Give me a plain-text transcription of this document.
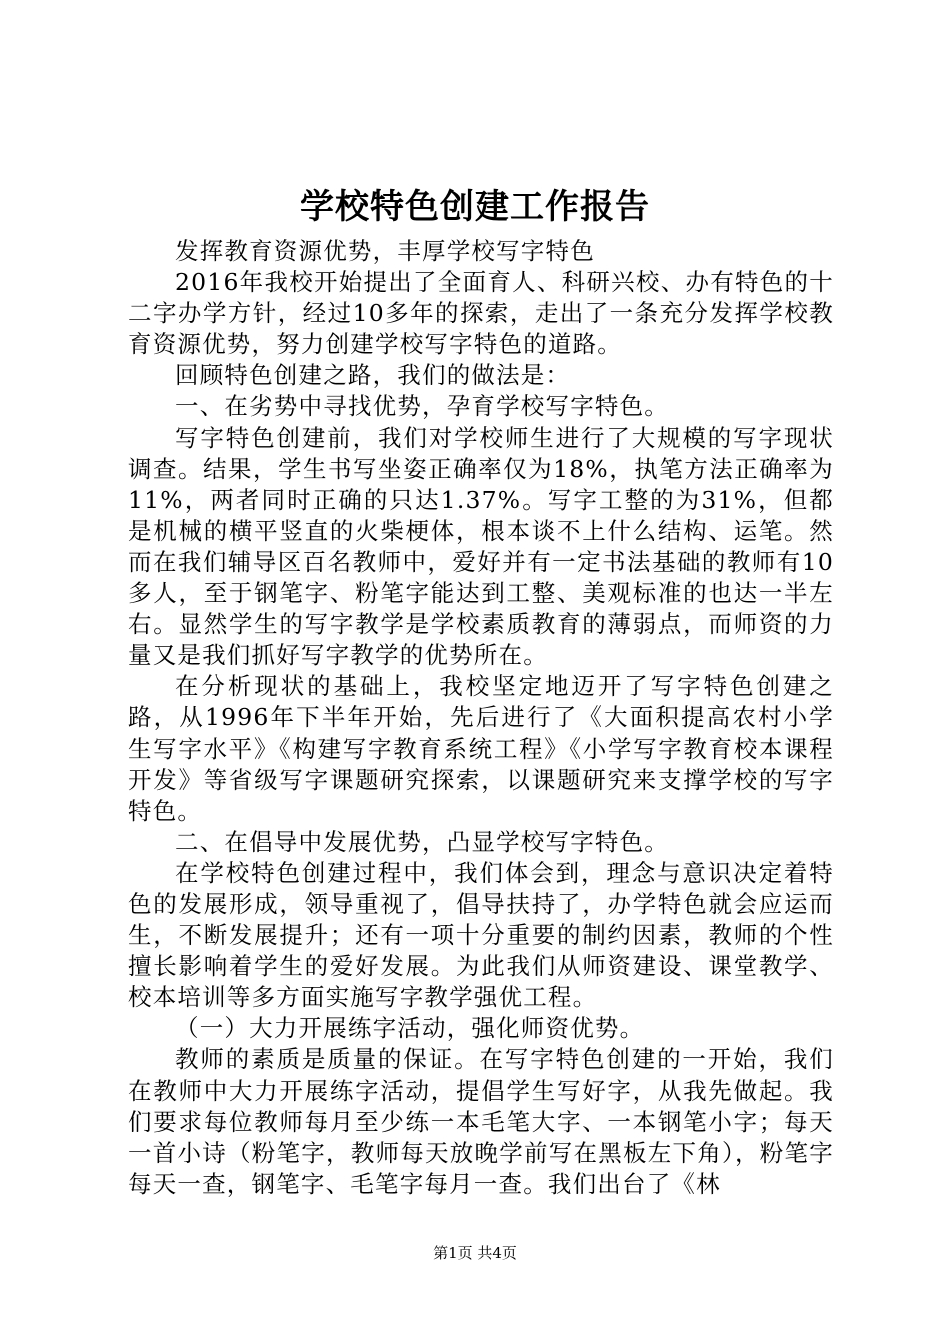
学校特色创建工作报告

发挥教育资源优势，丰厚学校写字特色

2016年我校开始提出了全面育人、科研兴校、办有特色的十二字办学方针，经过10多年的探索，走出了一条充分发挥学校教育资源优势，努力创建学校写字特色的道路。

回顾特色创建之路，我们的做法是：

一、在劣势中寻找优势，孕育学校写字特色。

写字特色创建前，我们对学校师生进行了大规模的写字现状调查。结果，学生书写坐姿正确率仅为18%，执笔方法正确率为11%，两者同时正确的只达1.37%。写字工整的为31%，但都是机械的横平竖直的火柴梗体，根本谈不上什么结构、运笔。然而在我们辅导区百名教师中，爱好并有一定书法基础的教师有10多人，至于钢笔字、粉笔字能达到工整、美观标准的也达一半左右。显然学生的写字教学是学校素质教育的薄弱点，而师资的力量又是我们抓好写字教学的优势所在。

在分析现状的基础上，我校坚定地迈开了写字特色创建之路，从1996年下半年开始，先后进行了《大面积提高农村小学生写字水平》《构建写字教育系统工程》《小学写字教育校本课程开发》等省级写字课题研究探索，以课题研究来支撑学校的写字特色。

二、在倡导中发展优势，凸显学校写字特色。

在学校特色创建过程中，我们体会到，理念与意识决定着特色的发展形成，领导重视了，倡导扶持了，办学特色就会应运而生，不断发展提升；还有一项十分重要的制约因素，教师的个性擅长影响着学生的爱好发展。为此我们从师资建设、课堂教学、校本培训等多方面实施写字教学强优工程。

（一）大力开展练字活动，强化师资优势。

教师的素质是质量的保证。在写字特色创建的一开始，我们在教师中大力开展练字活动，提倡学生写好字，从我先做起。我们要求每位教师每月至少练一本毛笔大字、一本钢笔小字；每天一首小诗（粉笔字，教师每天放晚学前写在黑板左下角），粉笔字每天一查，钢笔字、毛笔字每月一查。我们出台了《林

第1页 共4页
